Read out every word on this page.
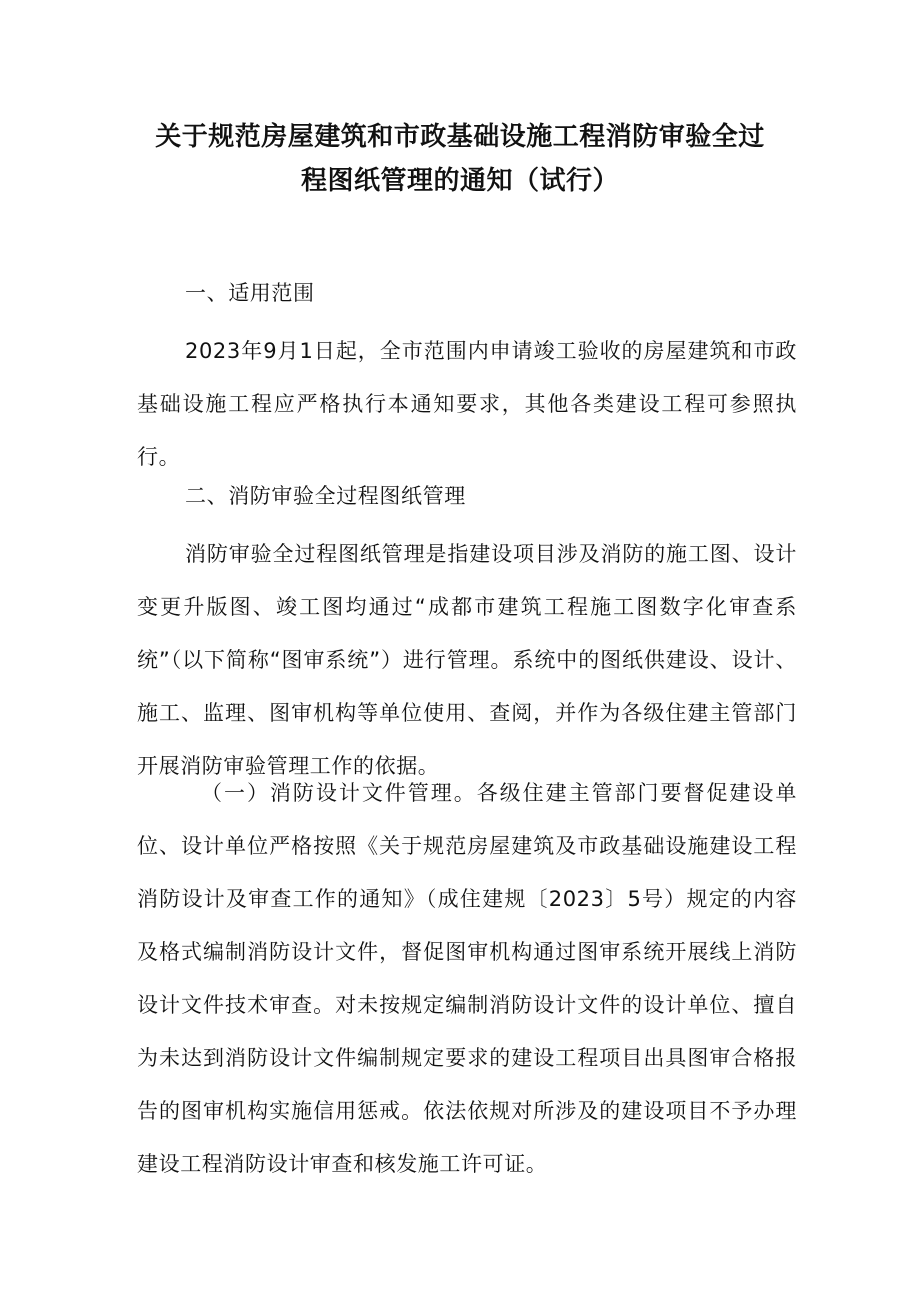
关于规范房屋建筑和市政基础设施工程消防审验全过
程图纸管理的通知（试行）

一、适用范围

2023年9月1日起，全市范围内申请竣工验收的房屋建筑和市政基础设施工程应严格执行本通知要求，其他各类建设工程可参照执行。

二、消防审验全过程图纸管理

消防审验全过程图纸管理是指建设项目涉及消防的施工图、设计变更升版图、竣工图均通过“成都市建筑工程施工图数字化审查系统”（以下简称“图审系统”）进行管理。系统中的图纸供建设、设计、施工、监理、图审机构等单位使用、查阅，并作为各级住建主管部门开展消防审验管理工作的依据。

（一）消防设计文件管理。各级住建主管部门要督促建设单位、设计单位严格按照《关于规范房屋建筑及市政基础设施建设工程消防设计及审查工作的通知》（成住建规〔2023〕5号）规定的内容及格式编制消防设计文件，督促图审机构通过图审系统开展线上消防设计文件技术审查。对未按规定编制消防设计文件的设计单位、擅自为未达到消防设计文件编制规定要求的建设工程项目出具图审合格报告的图审机构实施信用惩戒。依法依规对所涉及的建设项目不予办理建设工程消防设计审查和核发施工许可证。
